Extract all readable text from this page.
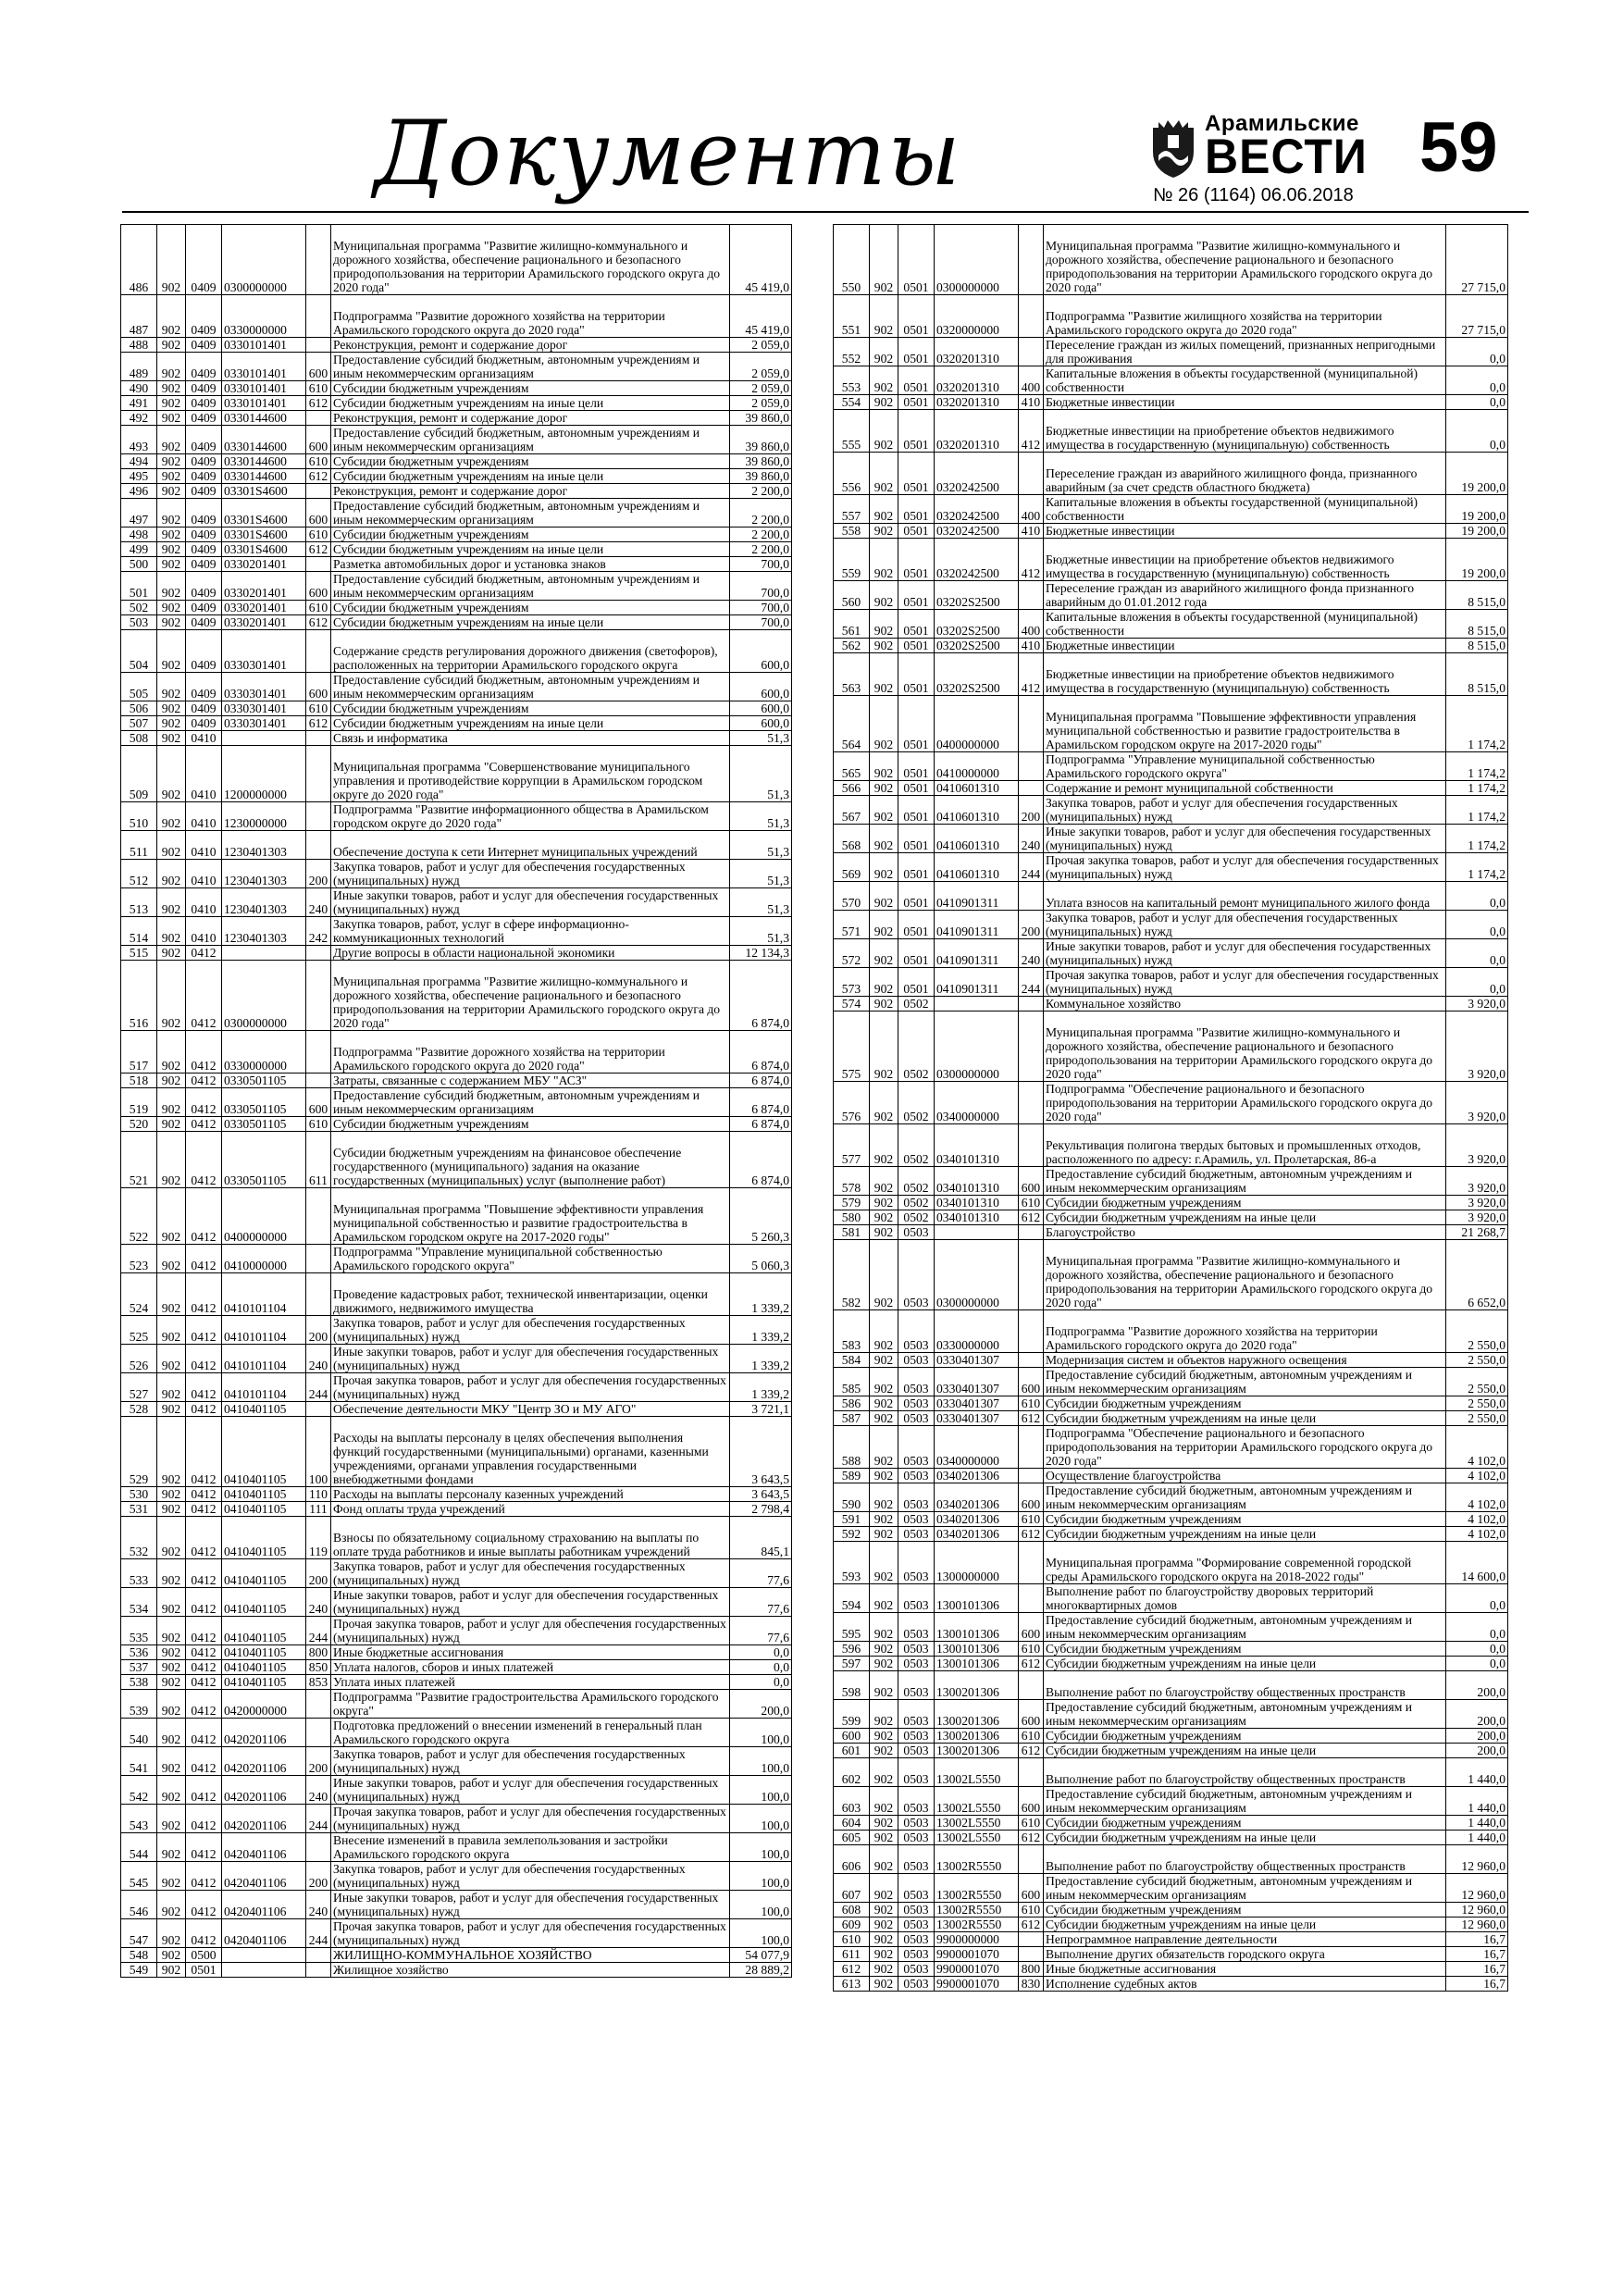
Документы	Арамильские
ВЕСТИ
№ 26 (1164) 06.06.2018
59
486	902	0409	0300000000		Муниципальная программа "Развитие жилищно-коммунального и дорожного хозяйства, обеспечение рационального и безопасного природопользования на территории Арамильского городского округа до 2020 года"	45 419,0
487	902	0409	0330000000		Подпрограмма "Развитие дорожного хозяйства на территории Арамильского городского округа до 2020 года"	45 419,0
488	902	0409	0330101401		Реконструкция, ремонт и содержание дорог	2 059,0
489	902	0409	0330101401	600	Предоставление субсидий бюджетным, автономным учреждениям и иным некоммерческим организациям	2 059,0
490	902	0409	0330101401	610	Субсидии бюджетным учреждениям	2 059,0
491	902	0409	0330101401	612	Субсидии бюджетным учреждениям на иные цели	2 059,0
492	902	0409	0330144600		Реконструкция, ремонт и содержание дорог	39 860,0
493	902	0409	0330144600	600	Предоставление субсидий бюджетным, автономным учреждениям и иным некоммерческим организациям	39 860,0
494	902	0409	0330144600	610	Субсидии бюджетным учреждениям	39 860,0
495	902	0409	0330144600	612	Субсидии бюджетным учреждениям на иные цели	39 860,0
496	902	0409	03301S4600		Реконструкция, ремонт и содержание дорог	2 200,0
497	902	0409	03301S4600	600	Предоставление субсидий бюджетным, автономным учреждениям и иным некоммерческим организациям	2 200,0
498	902	0409	03301S4600	610	Субсидии бюджетным учреждениям	2 200,0
499	902	0409	03301S4600	612	Субсидии бюджетным учреждениям на иные цели	2 200,0
500	902	0409	0330201401		Разметка автомобильных дорог и установка знаков	700,0
501	902	0409	0330201401	600	Предоставление субсидий бюджетным, автономным учреждениям и иным некоммерческим организациям	700,0
502	902	0409	0330201401	610	Субсидии бюджетным учреждениям	700,0
503	902	0409	0330201401	612	Субсидии бюджетным учреждениям на иные цели	700,0
504	902	0409	0330301401		Содержание средств регулирования дорожного движения (светофоров), расположенных на территории Арамильского городского округа	600,0
505	902	0409	0330301401	600	Предоставление субсидий бюджетным, автономным учреждениям и иным некоммерческим организациям	600,0
506	902	0409	0330301401	610	Субсидии бюджетным учреждениям	600,0
507	902	0409	0330301401	612	Субсидии бюджетным учреждениям на иные цели	600,0
508	902	0410			Связь и информатика	51,3
509	902	0410	1200000000		Муниципальная программа "Совершенствование муниципального управления и противодействие коррупции в Арамильском городском округе до 2020 года"	51,3
510	902	0410	1230000000		Подпрограмма "Развитие информационного общества в Арамильском городском округе до 2020 года"	51,3
511	902	0410	1230401303		Обеспечение доступа к сети Интернет муниципальных учреждений	51,3
512	902	0410	1230401303	200	Закупка товаров, работ и услуг для обеспечения государственных (муниципальных) нужд	51,3
513	902	0410	1230401303	240	Иные закупки товаров, работ и услуг для обеспечения государственных (муниципальных) нужд	51,3
514	902	0410	1230401303	242	Закупка товаров, работ, услуг в сфере информационно-коммуникационных технологий	51,3
515	902	0412			Другие вопросы в области национальной экономики	12 134,3
516	902	0412	0300000000		Муниципальная программа "Развитие жилищно-коммунального и дорожного хозяйства, обеспечение рационального и безопасного природопользования на территории Арамильского городского округа до 2020 года"	6 874,0
517	902	0412	0330000000		Подпрограмма "Развитие дорожного хозяйства на территории Арамильского городского округа до 2020 года"	6 874,0
518	902	0412	0330501105		Затраты, связанные с содержанием МБУ "АСЗ"	6 874,0
519	902	0412	0330501105	600	Предоставление субсидий бюджетным, автономным учреждениям и иным некоммерческим организациям	6 874,0
520	902	0412	0330501105	610	Субсидии бюджетным учреждениям	6 874,0
521	902	0412	0330501105	611	Субсидии бюджетным учреждениям на финансовое обеспечение государственного (муниципального) задания на оказание государственных (муниципальных) услуг (выполнение работ)	6 874,0
522	902	0412	0400000000		Муниципальная программа "Повышение эффективности управления муниципальной собственностью и развитие градостроительства в Арамильском городском округе на 2017-2020 годы"	5 260,3
523	902	0412	0410000000		Подпрограмма "Управление муниципальной собственностью Арамильского городского округа"	5 060,3
524	902	0412	0410101104		Проведение кадастровых работ, технической инвентаризации, оценки движимого, недвижимого имущества	1 339,2
525	902	0412	0410101104	200	Закупка товаров, работ и услуг для обеспечения государственных (муниципальных) нужд	1 339,2
526	902	0412	0410101104	240	Иные закупки товаров, работ и услуг для обеспечения государственных (муниципальных) нужд	1 339,2
527	902	0412	0410101104	244	Прочая закупка товаров, работ и услуг для обеспечения государственных (муниципальных) нужд	1 339,2
528	902	0412	0410401105		Обеспечение деятельности МКУ "Центр ЗО и МУ АГО"	3 721,1
529	902	0412	0410401105	100	Расходы на выплаты персоналу в целях обеспечения выполнения функций государственными (муниципальными) органами, казенными учреждениями, органами управления государственными внебюджетными фондами	3 643,5
530	902	0412	0410401105	110	Расходы на выплаты персоналу казенных учреждений	3 643,5
531	902	0412	0410401105	111	Фонд оплаты труда учреждений	2 798,4
532	902	0412	0410401105	119	Взносы по обязательному социальному страхованию на выплаты по оплате труда работников и иные выплаты работникам учреждений	845,1
533	902	0412	0410401105	200	Закупка товаров, работ и услуг для обеспечения государственных (муниципальных) нужд	77,6
534	902	0412	0410401105	240	Иные закупки товаров, работ и услуг для обеспечения государственных (муниципальных) нужд	77,6
535	902	0412	0410401105	244	Прочая закупка товаров, работ и услуг для обеспечения государственных (муниципальных) нужд	77,6
536	902	0412	0410401105	800	Иные бюджетные ассигнования	0,0
537	902	0412	0410401105	850	Уплата налогов, сборов и иных платежей	0,0
538	902	0412	0410401105	853	Уплата иных платежей	0,0
539	902	0412	0420000000		Подпрограмма "Развитие градостроительства Арамильского городского округа"	200,0
540	902	0412	0420201106		Подготовка предложений о внесении изменений в генеральный план Арамильского городского округа	100,0
541	902	0412	0420201106	200	Закупка товаров, работ и услуг для обеспечения государственных (муниципальных) нужд	100,0
542	902	0412	0420201106	240	Иные закупки товаров, работ и услуг для обеспечения государственных (муниципальных) нужд	100,0
543	902	0412	0420201106	244	Прочая закупка товаров, работ и услуг для обеспечения государственных (муниципальных) нужд	100,0
544	902	0412	0420401106		Внесение изменений в правила землепользования и застройки Арамильского городского округа	100,0
545	902	0412	0420401106	200	Закупка товаров, работ и услуг для обеспечения государственных (муниципальных) нужд	100,0
546	902	0412	0420401106	240	Иные закупки товаров, работ и услуг для обеспечения государственных (муниципальных) нужд	100,0
547	902	0412	0420401106	244	Прочая закупка товаров, работ и услуг для обеспечения государственных (муниципальных) нужд	100,0
548	902	0500			ЖИЛИЩНО-КОММУНАЛЬНОЕ ХОЗЯЙСТВО	54 077,9
549	902	0501			Жилищное хозяйство	28 889,2
550	902	0501	0300000000		Муниципальная программа "Развитие жилищно-коммунального и дорожного хозяйства, обеспечение рационального и безопасного природопользования на территории Арамильского городского округа до 2020 года"	27 715,0
551	902	0501	0320000000		Подпрограмма "Развитие жилищного хозяйства на территории Арамильского городского округа до 2020 года"	27 715,0
552	902	0501	0320201310		Переселение граждан из жилых помещений, признанных непригодными для проживания	0,0
553	902	0501	0320201310	400	Капитальные вложения в объекты государственной (муниципальной) собственности	0,0
554	902	0501	0320201310	410	Бюджетные инвестиции	0,0
555	902	0501	0320201310	412	Бюджетные инвестиции на приобретение объектов недвижимого имущества в государственную (муниципальную) собственность	0,0
556	902	0501	0320242500		Переселение граждан из аварийного жилищного фонда, признанного аварийным (за счет средств областного бюджета)	19 200,0
557	902	0501	0320242500	400	Капитальные вложения в объекты государственной (муниципальной) собственности	19 200,0
558	902	0501	0320242500	410	Бюджетные инвестиции	19 200,0
559	902	0501	0320242500	412	Бюджетные инвестиции на приобретение объектов недвижимого имущества в государственную (муниципальную) собственность	19 200,0
560	902	0501	03202S2500		Переселение граждан из аварийного жилищного фонда признанного аварийным до 01.01.2012 года	8 515,0
561	902	0501	03202S2500	400	Капитальные вложения в объекты государственной (муниципальной) собственности	8 515,0
562	902	0501	03202S2500	410	Бюджетные инвестиции	8 515,0
563	902	0501	03202S2500	412	Бюджетные инвестиции на приобретение объектов недвижимого имущества в государственную (муниципальную) собственность	8 515,0
564	902	0501	0400000000		Муниципальная программа "Повышение эффективности управления муниципальной собственностью и развитие градостроительства в Арамильском городском округе на 2017-2020 годы"	1 174,2
565	902	0501	0410000000		Подпрограмма "Управление муниципальной собственностью Арамильского городского округа"	1 174,2
566	902	0501	0410601310		Содержание и ремонт муниципальной собственности	1 174,2
567	902	0501	0410601310	200	Закупка товаров, работ и услуг для обеспечения государственных (муниципальных) нужд	1 174,2
568	902	0501	0410601310	240	Иные закупки товаров, работ и услуг для обеспечения государственных (муниципальных) нужд	1 174,2
569	902	0501	0410601310	244	Прочая закупка товаров, работ и услуг для обеспечения государственных (муниципальных) нужд	1 174,2
570	902	0501	0410901311		Уплата взносов на капитальный ремонт муниципального жилого фонда	0,0
571	902	0501	0410901311	200	Закупка товаров, работ и услуг для обеспечения государственных (муниципальных) нужд	0,0
572	902	0501	0410901311	240	Иные закупки товаров, работ и услуг для обеспечения государственных (муниципальных) нужд	0,0
573	902	0501	0410901311	244	Прочая закупка товаров, работ и услуг для обеспечения государственных (муниципальных) нужд	0,0
574	902	0502			Коммунальное хозяйство	3 920,0
575	902	0502	0300000000		Муниципальная программа "Развитие жилищно-коммунального и дорожного хозяйства, обеспечение рационального и безопасного природопользования на территории Арамильского городского округа до 2020 года"	3 920,0
576	902	0502	0340000000		Подпрограмма "Обеспечение рационального и безопасного природопользования на территории Арамильского городского округа до 2020 года"	3 920,0
577	902	0502	0340101310		Рекультивация полигона твердых бытовых и промышленных отходов, расположенного по адресу: г.Арамиль, ул. Пролетарская, 86-а	3 920,0
578	902	0502	0340101310	600	Предоставление субсидий бюджетным, автономным учреждениям и иным некоммерческим организациям	3 920,0
579	902	0502	0340101310	610	Субсидии бюджетным учреждениям	3 920,0
580	902	0502	0340101310	612	Субсидии бюджетным учреждениям на иные цели	3 920,0
581	902	0503			Благоустройство	21 268,7
582	902	0503	0300000000		Муниципальная программа "Развитие жилищно-коммунального и дорожного хозяйства, обеспечение рационального и безопасного природопользования на территории Арамильского городского округа до 2020 года"	6 652,0
583	902	0503	0330000000		Подпрограмма "Развитие дорожного хозяйства на территории Арамильского городского округа до 2020 года"	2 550,0
584	902	0503	0330401307		Модернизация систем и объектов наружного освещения	2 550,0
585	902	0503	0330401307	600	Предоставление субсидий бюджетным, автономным учреждениям и иным некоммерческим организациям	2 550,0
586	902	0503	0330401307	610	Субсидии бюджетным учреждениям	2 550,0
587	902	0503	0330401307	612	Субсидии бюджетным учреждениям на иные цели	2 550,0
588	902	0503	0340000000		Подпрограмма "Обеспечение рационального и безопасного природопользования на территории Арамильского городского округа до 2020 года"	4 102,0
589	902	0503	0340201306		Осуществление благоустройства	4 102,0
590	902	0503	0340201306	600	Предоставление субсидий бюджетным, автономным учреждениям и иным некоммерческим организациям	4 102,0
591	902	0503	0340201306	610	Субсидии бюджетным учреждениям	4 102,0
592	902	0503	0340201306	612	Субсидии бюджетным учреждениям на иные цели	4 102,0
593	902	0503	1300000000		Муниципальная программа "Формирование современной городской среды Арамильского городского округа на 2018-2022 годы"	14 600,0
594	902	0503	1300101306		Выполнение работ по благоустройству дворовых территорий многоквартирных домов	0,0
595	902	0503	1300101306	600	Предоставление субсидий бюджетным, автономным учреждениям и иным некоммерческим организациям	0,0
596	902	0503	1300101306	610	Субсидии бюджетным учреждениям	0,0
597	902	0503	1300101306	612	Субсидии бюджетным учреждениям на иные цели	0,0
598	902	0503	1300201306		Выполнение работ по благоустройству общественных пространств	200,0
599	902	0503	1300201306	600	Предоставление субсидий бюджетным, автономным учреждениям и иным некоммерческим организациям	200,0
600	902	0503	1300201306	610	Субсидии бюджетным учреждениям	200,0
601	902	0503	1300201306	612	Субсидии бюджетным учреждениям на иные цели	200,0
602	902	0503	13002L5550		Выполнение работ по благоустройству общественных пространств	1 440,0
603	902	0503	13002L5550	600	Предоставление субсидий бюджетным, автономным учреждениям и иным некоммерческим организациям	1 440,0
604	902	0503	13002L5550	610	Субсидии бюджетным учреждениям	1 440,0
605	902	0503	13002L5550	612	Субсидии бюджетным учреждениям на иные цели	1 440,0
606	902	0503	13002R5550		Выполнение работ по благоустройству общественных пространств	12 960,0
607	902	0503	13002R5550	600	Предоставление субсидий бюджетным, автономным учреждениям и иным некоммерческим организациям	12 960,0
608	902	0503	13002R5550	610	Субсидии бюджетным учреждениям	12 960,0
609	902	0503	13002R5550	612	Субсидии бюджетным учреждениям на иные цели	12 960,0
610	902	0503	9900000000		Непрограммное направление деятельности	16,7
611	902	0503	9900001070		Выполнение других обязательств городского округа	16,7
612	902	0503	9900001070	800	Иные бюджетные ассигнования	16,7
613	902	0503	9900001070	830	Исполнение судебных актов	16,7
